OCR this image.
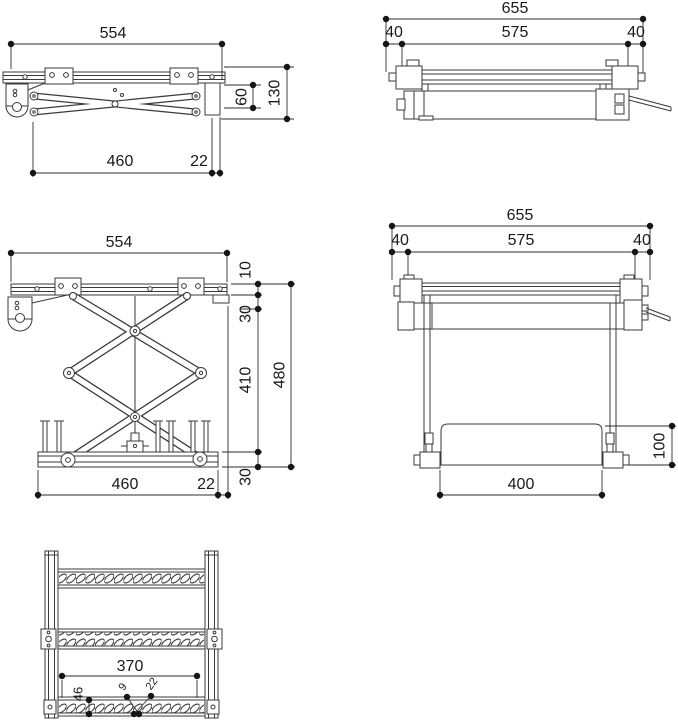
554
60 130
460	22
655
40	575	40
554
10
30
410
30
480
460	22
655
40	575	40
100
400
370
46	9 22
